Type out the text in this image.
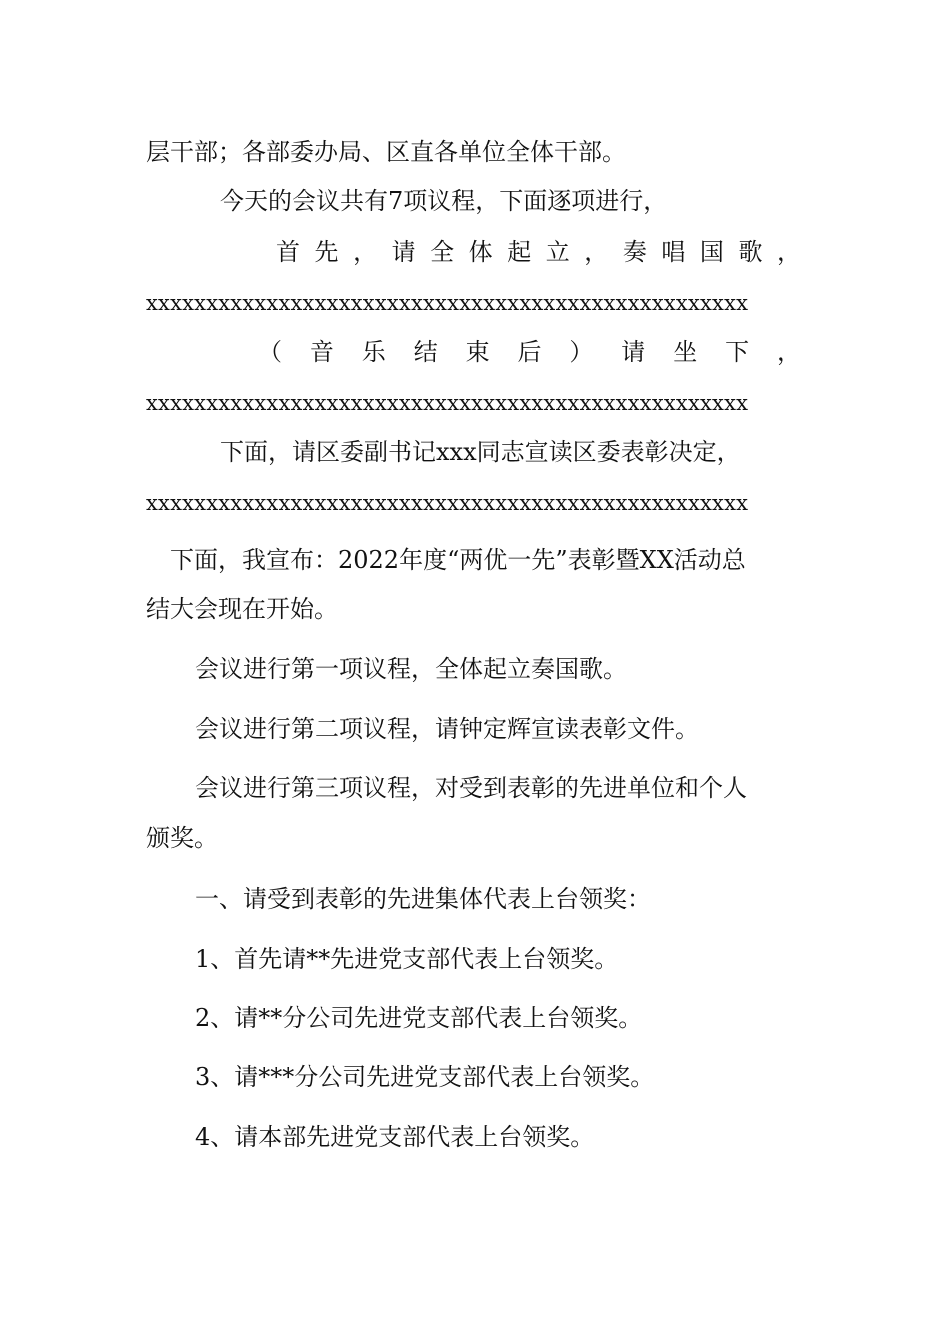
层干部；各部委办局、区直各单位全体干部。
今天的会议共有7项议程，下面逐项进行，
首 先 ， 请 全 体 起 立 ， 奏 唱 国 歌 ，
xxxxxxxxxxxxxxxxxxxxxxxxxxxxxxxxxxxxxxxxxxxxxxxxxx
（ 音 乐 结 束 后 ） 请 坐 下 ，
xxxxxxxxxxxxxxxxxxxxxxxxxxxxxxxxxxxxxxxxxxxxxxxxxx
下面，请区委副书记xxx同志宣读区委表彰决定，
xxxxxxxxxxxxxxxxxxxxxxxxxxxxxxxxxxxxxxxxxxxxxxxxxx
下面，我宣布：2022年度“两优一先”表彰暨XX活动总
结大会现在开始。
会议进行第一项议程，全体起立奏国歌。
会议进行第二项议程，请钟定辉宣读表彰文件。
会议进行第三项议程，对受到表彰的先进单位和个人
颁奖。
一、请受到表彰的先进集体代表上台领奖：
1、首先请**先进党支部代表上台领奖。
2、请**分公司先进党支部代表上台领奖。
3、请***分公司先进党支部代表上台领奖。
4、请本部先进党支部代表上台领奖。
